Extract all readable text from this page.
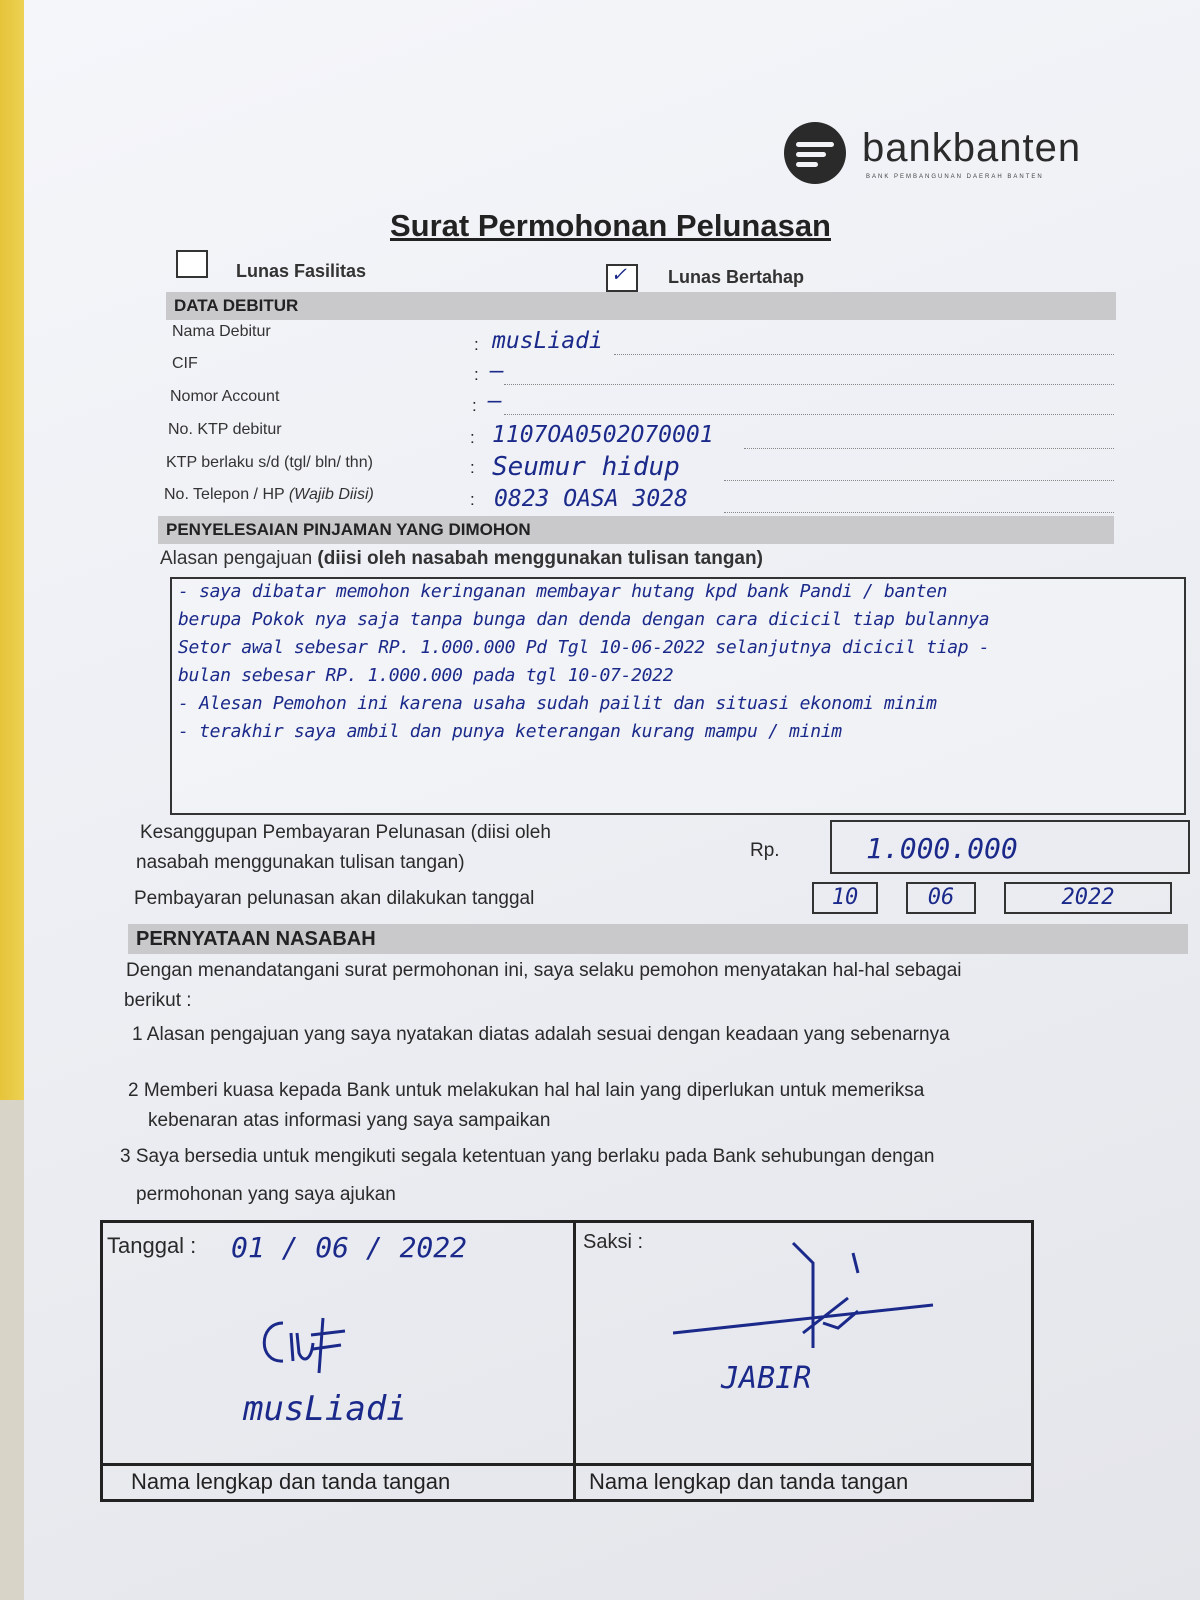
bankbanten
BANK PEMBANGUNAN DAERAH BANTEN
Surat Permohonan Pelunasan
Lunas Fasilitas	✓ Lunas Bertahap
DATA DEBITUR
Nama Debitur
: musLiadi
CIF
: –
Nomor Account	: –
No. KTP debitur	: 1107OA0502O70001
KTP berlaku s/d (tgl/ bln/ thn)	: Seumur hidup
No. Telepon / HP (Wajib Diisi)	: 0823 OASA 3028
PENYELESAIAN PINJAMAN YANG DIMOHON
Alasan pengajuan (diisi oleh nasabah menggunakan tulisan tangan)
- saya dibatar memohon keringanan membayar hutang kpd bank Pandi / banten
berupa Pokok nya saja tanpa bunga dan denda dengan cara dicicil tiap bulannya
Setor awal sebesar RP. 1.000.000 Pd Tgl 10-06-2022 selanjutnya dicicil tiap -
bulan sebesar RP. 1.000.000 pada tgl 10-07-2022
- Alesan Pemohon ini karena usaha sudah pailit dan situasi ekonomi minim
- terakhir saya ambil dan punya keterangan kurang mampu / minim
Kesanggupan Pembayaran Pelunasan (diisi oleh
nasabah menggunakan tulisan tangan)
Rp.	1.000.000
Pembayaran pelunasan akan dilakukan tanggal	10	06	2022
PERNYATAAN NASABAH
Dengan menandatangani surat permohonan ini, saya selaku pemohon menyatakan hal-hal sebagai
berikut :
1 Alasan pengajuan yang saya nyatakan diatas adalah sesuai dengan keadaan yang sebenarnya
2 Memberi kuasa kepada Bank untuk melakukan hal hal lain yang diperlukan untuk memeriksa
kebenaran atas informasi yang saya sampaikan
3 Saya bersedia untuk mengikuti segala ketentuan yang berlaku pada Bank sehubungan dengan
permohonan yang saya ajukan
Tanggal : 01 / 06 / 2022	Saksi :
musLiadi
JABIR
Nama lengkap dan tanda tangan	Nama lengkap dan tanda tangan
